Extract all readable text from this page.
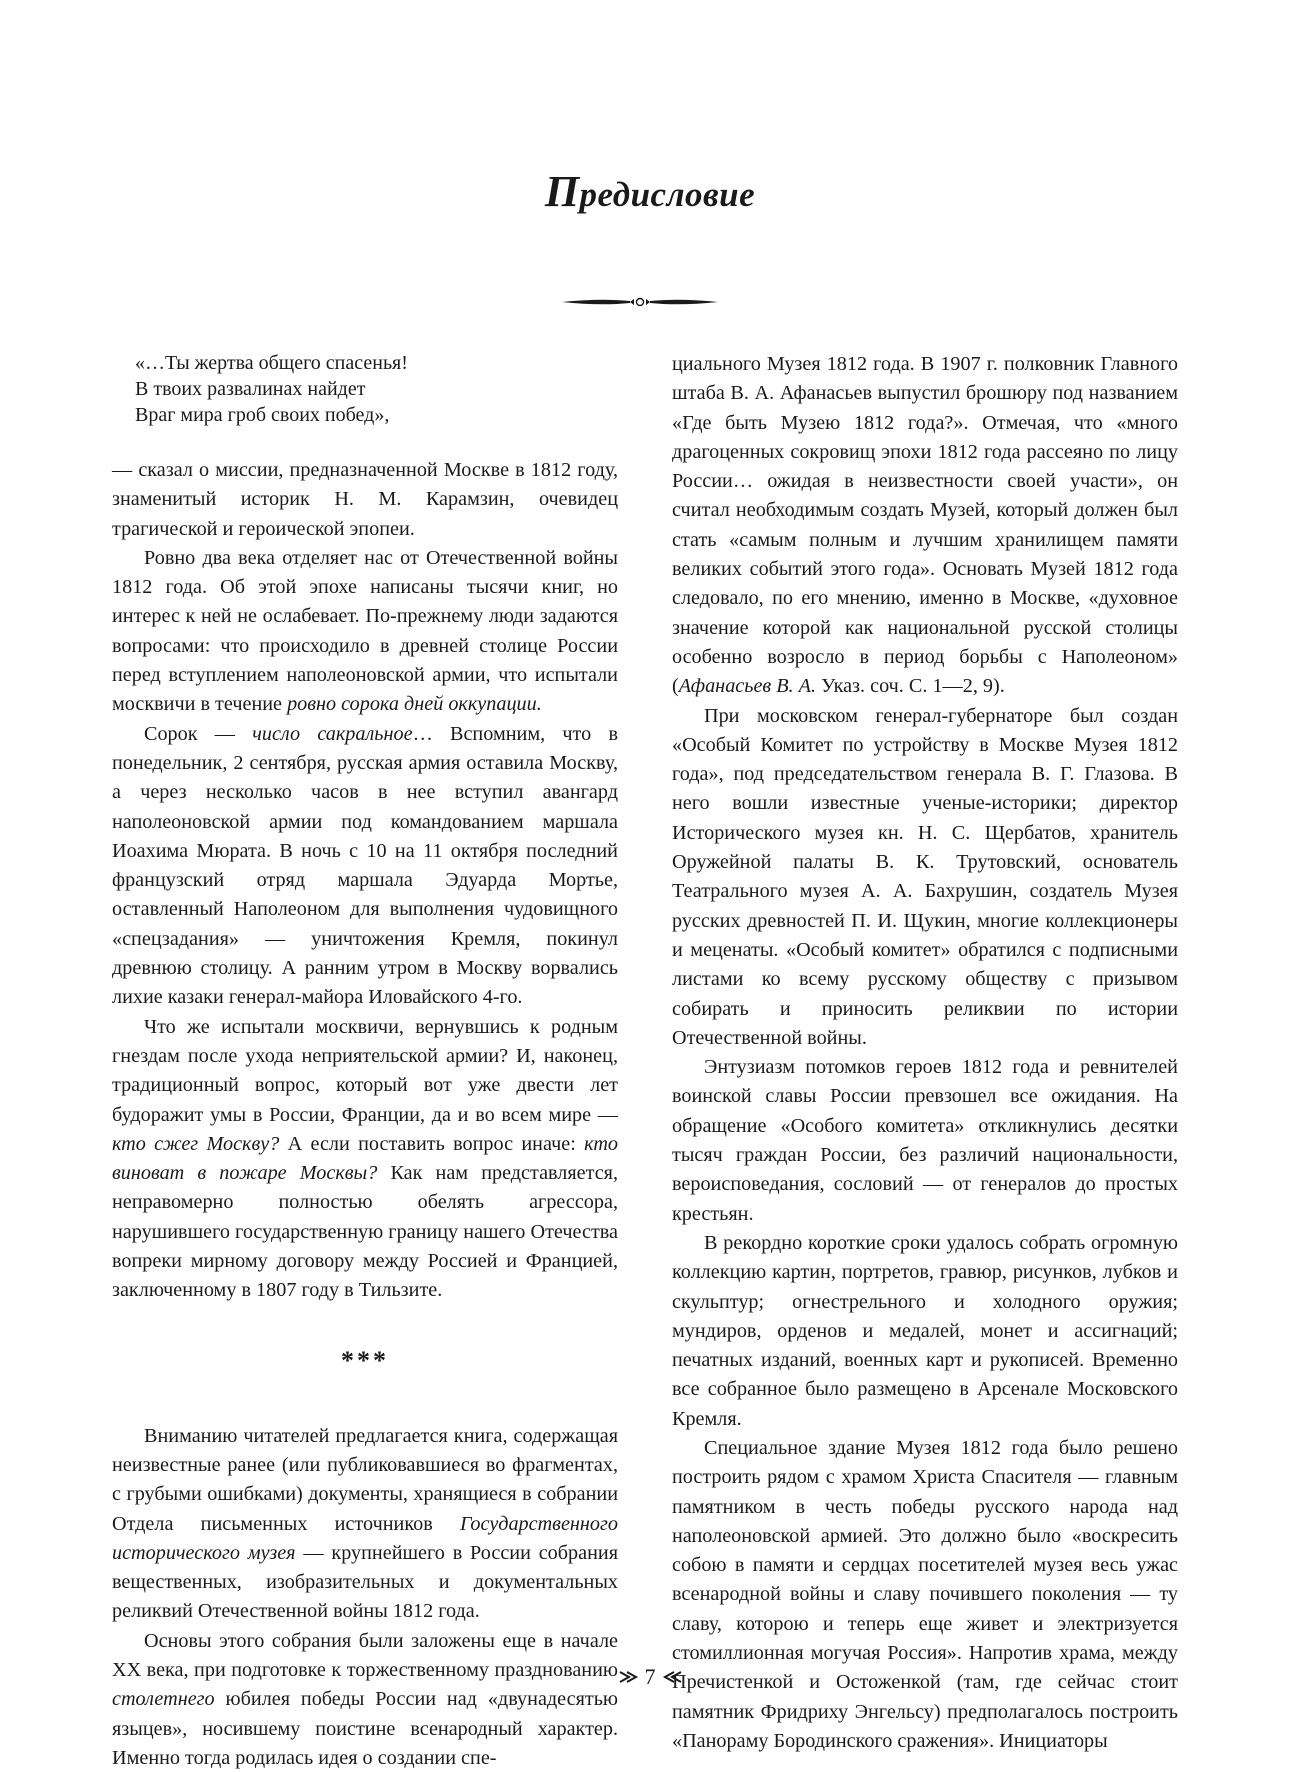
Предисловие
«…Ты жертва общего спасенья!
В твоих развалинах найдет
Враг мира гроб своих побед»,

— сказал о миссии, предназначенной Москве в 1812 году, знаменитый историк Н. М. Карамзин, очевидец трагической и героической эпопеи.

Ровно два века отделяет нас от Отечественной войны 1812 года. Об этой эпохе написаны тысячи книг, но интерес к ней не ослабевает. По-прежнему люди задаются вопросами: что происходило в древней столице России перед вступлением наполеоновской армии, что испытали москвичи в течение ровно сорока дней оккупации.

Сорок — число сакральное… Вспомним, что в понедельник, 2 сентября, русская армия оставила Москву, а через несколько часов в нее вступил авангард наполеоновской армии под командованием маршала Иоахима Мюрата. В ночь с 10 на 11 октября последний французский отряд маршала Эдуарда Мортье, оставленный Наполеоном для выполнения чудовищного «спецзадания» — уничтожения Кремля, покинул древнюю столицу. А ранним утром в Москву ворвались лихие казаки генерал-майора Иловайского 4-го.

Что же испытали москвичи, вернувшись к родным гнездам после ухода неприятельской армии? И, наконец, традиционный вопрос, который вот уже двести лет будоражит умы в России, Франции, да и во всем мире — кто сжег Москву? А если поставить вопрос иначе: кто виноват в пожаре Москвы? Как нам представляется, неправомерно полностью обелять агрессора, нарушившего государственную границу нашего Отечества вопреки мирному договору между Россией и Францией, заключенному в 1807 году в Тильзите.

***

Вниманию читателей предлагается книга, содержащая неизвестные ранее (или публиковавшиеся во фрагментах, с грубыми ошибками) документы, хранящиеся в собрании Отдела письменных источников Государственного исторического музея — крупнейшего в России собрания вещественных, изобразительных и документальных реликвий Отечественной войны 1812 года.

Основы этого собрания были заложены еще в начале XX века, при подготовке к торжественному празднованию столетнего юбилея победы России над «двунадесятью языцев», носившему поистине всенародный характер. Именно тогда родилась идея о создании спе-

циального Музея 1812 года. В 1907 г. полковник Главного штаба В. А. Афанасьев выпустил брошюру под названием «Где быть Музею 1812 года?». Отмечая, что «много драгоценных сокровищ эпохи 1812 года рассеяно по лицу России… ожидая в неизвестности своей участи», он считал необходимым создать Музей, который должен был стать «самым полным и лучшим хранилищем памяти великих событий этого года». Основать Музей 1812 года следовало, по его мнению, именно в Москве, «духовное значение которой как национальной русской столицы особенно возросло в период борьбы с Наполеоном» (Афанасьев В. А. Указ. соч. С. 1—2, 9).

При московском генерал-губернаторе был создан «Особый Комитет по устройству в Москве Музея 1812 года», под председательством генерала В. Г. Глазова. В него вошли известные ученые-историки; директор Исторического музея кн. Н. С. Щербатов, хранитель Оружейной палаты В. К. Трутовский, основатель Театрального музея А. А. Бахрушин, создатель Музея русских древностей П. И. Щукин, многие коллекционеры и меценаты. «Особый комитет» обратился с подписными листами ко всему русскому обществу с призывом собирать и приносить реликвии по истории Отечественной войны.

Энтузиазм потомков героев 1812 года и ревнителей воинской славы России превзошел все ожидания. На обращение «Особого комитета» откликнулись десятки тысяч граждан России, без различий национальности, вероисповедания, сословий — от генералов до простых крестьян.

В рекордно короткие сроки удалось собрать огромную коллекцию картин, портретов, гравюр, рисунков, лубков и скульптур; огнестрельного и холодного оружия; мундиров, орденов и медалей, монет и ассигнаций; печатных изданий, военных карт и рукописей. Временно все собранное было размещено в Арсенале Московского Кремля.

Специальное здание Музея 1812 года было решено построить рядом с храмом Христа Спасителя — главным памятником в честь победы русского народа над наполеоновской армией. Это должно было «воскресить собою в памяти и сердцах посетителей музея весь ужас всенародной войны и славу почившего поколения — ту славу, которою и теперь еще живет и электризуется стомиллионная могучая Россия». Напротив храма, между Пречистенкой и Остоженкой (там, где сейчас стоит памятник Фридриху Энгельсу) предполагалось построить «Панораму Бородинского сражения». Инициаторы

7
